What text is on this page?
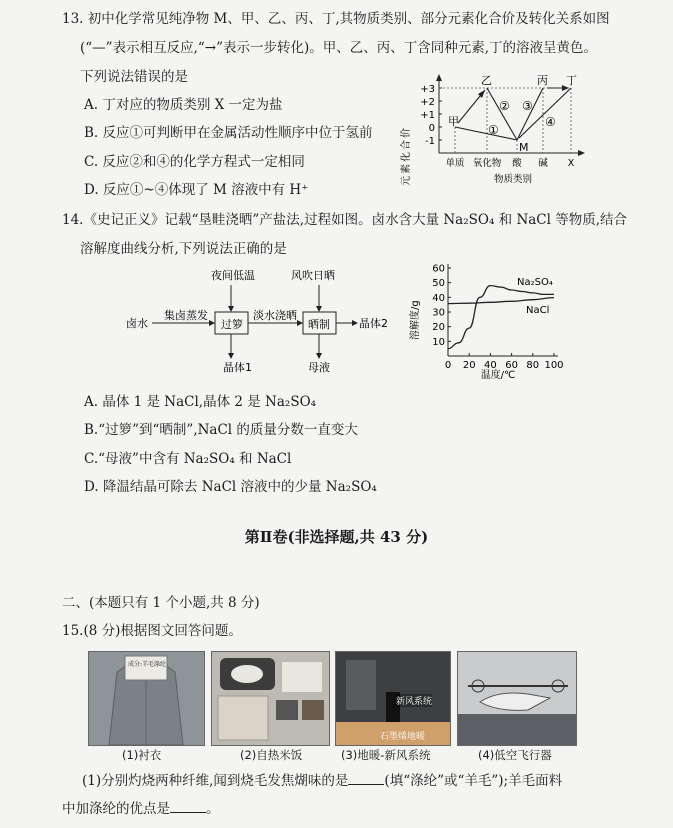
13. 初中化学常见纯净物 M、甲、乙、丙、丁,其物质类别、部分元素化合价及转化关系如图
(“—”表示相互反应,“→”表示一步转化)。甲、乙、丙、丁含同种元素,丁的溶液呈黄色。
下列说法错误的是
A. 丁对应的物质类别 X 一定为盐
B. 反应①可判断甲在金属活动性顺序中位于氢前
C. 反应②和④的化学方程式一定相同
D. 反应①~④体现了 M 溶液中有 H⁺
元素化合价
+3
+2
+1
0
-1
甲
乙	丙 丁
M
①
② ③
④
单质 氧化物 酸 碱 X
物质类别
14.《史记正义》记载“垦畦浇晒”产盐法,过程如图。卤水含大量 Na₂SO₄ 和 NaCl 等物质,结合
溶解度曲线分析,下列说法正确的是
卤水
集卤蒸发
夜间低温
过箩
淡水浇晒
风吹日晒
晒制	晶体2
晶体1	母液
10
20
30
40
50
60
0 20 40 60 80 100
溶解度/g
温度/℃
Na₂SO₄
NaCl
A. 晶体 1 是 NaCl,晶体 2 是 Na₂SO₄
B.“过箩”到“晒制”,NaCl 的质量分数一直变大
C.“母液”中含有 Na₂SO₄ 和 NaCl
D. 降温结晶可除去 NaCl 溶液中的少量 Na₂SO₄
第Ⅱ卷(非选择题,共 43 分)
二、(本题只有 1 个小题,共 8 分)
15.(8 分)根据图文回答问题。
成分:羊毛涤纶
新风系统
石墨烯地暖
(1)衬衣	(2)自热米饭	(3)地暖-新风系统	(4)低空飞行器
(1)分别灼烧两种纤维,闻到烧毛发焦煳味的是	(填“涤纶”或“羊毛”);羊毛面料
中加涤纶的优点是	。
